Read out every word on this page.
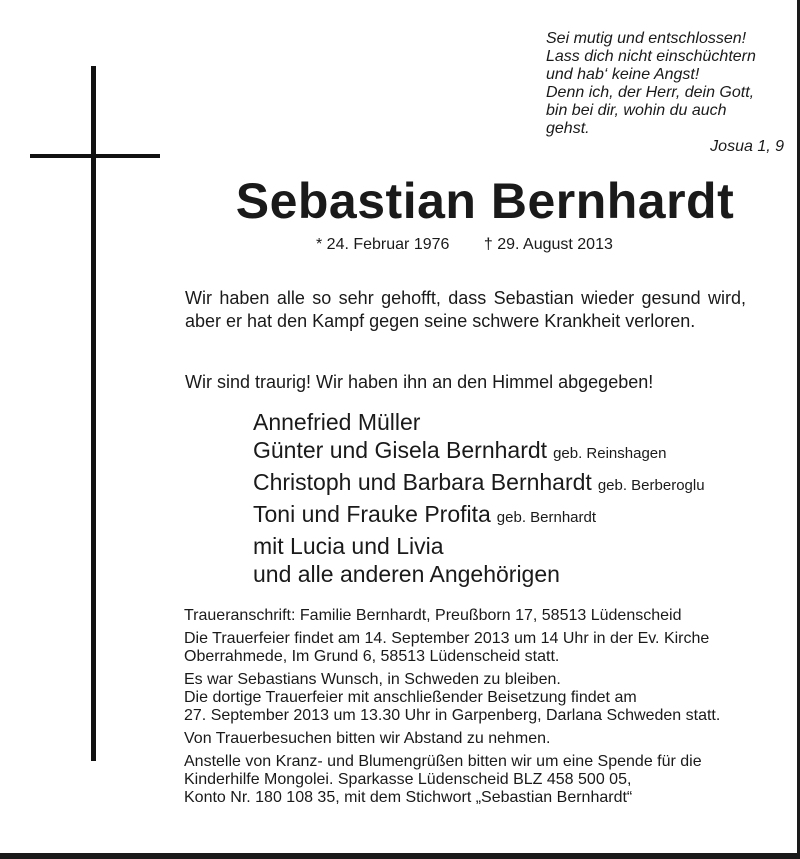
Sei mutig und entschlossen!
Lass dich nicht einschüchtern
und hab‘ keine Angst!
Denn ich, der Herr, dein Gott,
bin bei dir, wohin du auch
gehst.
Josua 1, 9
Sebastian Bernhardt
* 24. Februar 1976 † 29. August 2013
Wir haben alle so sehr gehofft, dass Sebastian wieder gesund wird, aber er hat den Kampf gegen seine schwere Krankheit verloren.
Wir sind traurig! Wir haben ihn an den Himmel abgegeben!
Annefried Müller
Günter und Gisela Bernhardt geb. Reinshagen
Christoph und Barbara Bernhardt geb. Berberoglu
Toni und Frauke Profita geb. Bernhardt
mit Lucia und Livia
und alle anderen Angehörigen
Traueranschrift: Familie Bernhardt, Preußborn 17, 58513 Lüdenscheid
Die Trauerfeier findet am 14. September 2013 um 14 Uhr in der Ev. Kirche
Oberrahmede, Im Grund 6, 58513 Lüdenscheid statt.
Es war Sebastians Wunsch, in Schweden zu bleiben.
Die dortige Trauerfeier mit anschließender Beisetzung findet am
27. September 2013 um 13.30 Uhr in Garpenberg, Darlana Schweden statt.
Von Trauerbesuchen bitten wir Abstand zu nehmen.
Anstelle von Kranz- und Blumengrüßen bitten wir um eine Spende für die
Kinderhilfe Mongolei. Sparkasse Lüdenscheid BLZ 458 500 05,
Konto Nr. 180 108 35, mit dem Stichwort „Sebastian Bernhardt“
